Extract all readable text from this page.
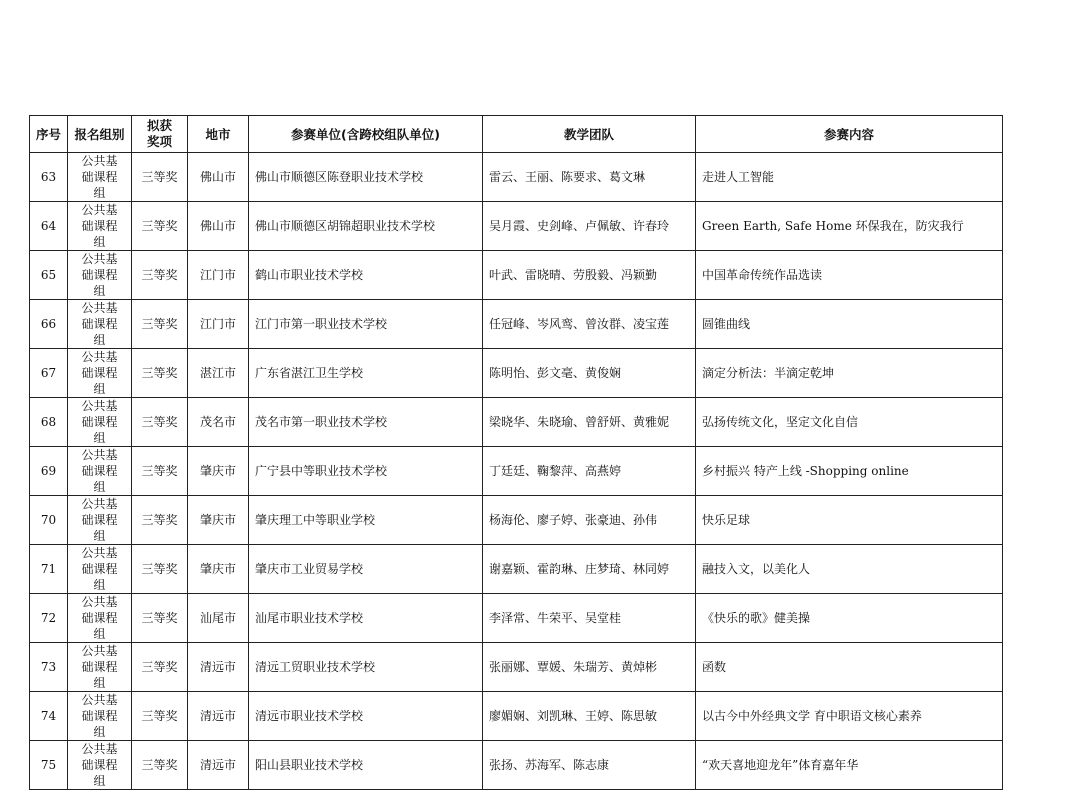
序号	报名组别	拟获奖项	地市	参赛单位(含跨校组队单位)	教学团队	参赛内容
63	公共基础课程组	三等奖	佛山市	佛山市顺德区陈登职业技术学校	雷云、王丽、陈要求、葛文琳	走进人工智能
64	公共基础课程组	三等奖	佛山市	佛山市顺德区胡锦超职业技术学校	吴月霞、史剑峰、卢佩敏、许春玲	Green Earth, Safe Home 环保我在，防灾我行
65	公共基础课程组	三等奖	江门市	鹤山市职业技术学校	叶武、雷晓晴、劳殷毅、冯颖勤	中国革命传统作品选读
66	公共基础课程组	三等奖	江门市	江门市第一职业技术学校	任冠峰、岑风鸾、曾汝群、凌宝莲	圆锥曲线
67	公共基础课程组	三等奖	湛江市	广东省湛江卫生学校	陈明怡、彭文毫、黄俊娴	滴定分析法：半滴定乾坤
68	公共基础课程组	三等奖	茂名市	茂名市第一职业技术学校	梁晓华、朱晓瑜、曾舒妍、黄雅妮	弘扬传统文化，坚定文化自信
69	公共基础课程组	三等奖	肇庆市	广宁县中等职业技术学校	丁廷廷、鞠黎萍、高燕婷	乡村振兴 特产上线 -Shopping online
70	公共基础课程组	三等奖	肇庆市	肇庆理工中等职业学校	杨海伦、廖子婷、张豪迪、孙伟	快乐足球
71	公共基础课程组	三等奖	肇庆市	肇庆市工业贸易学校	谢嘉颖、霍韵琳、庄梦琦、林同婷	融技入文，以美化人
72	公共基础课程组	三等奖	汕尾市	汕尾市职业技术学校	李泽常、牛荣平、吴堂桂	《快乐的歌》健美操
73	公共基础课程组	三等奖	清远市	清远工贸职业技术学校	张丽娜、覃媛、朱瑞芳、黄焯彬	函数
74	公共基础课程组	三等奖	清远市	清远市职业技术学校	廖媚娴、刘凯琳、王婷、陈思敏	以古今中外经典文学 育中职语文核心素养
75	公共基础课程组	三等奖	清远市	阳山县职业技术学校	张扬、苏海军、陈志康	“欢天喜地迎龙年”体育嘉年华
